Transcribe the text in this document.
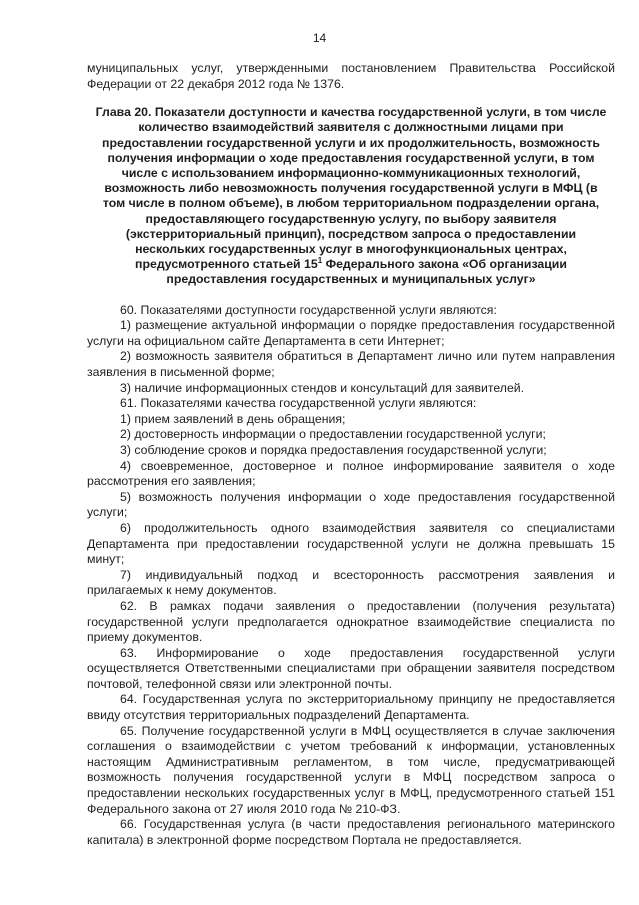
14

муниципальных услуг, утвержденными постановлением Правительства Российской Федерации от 22 декабря 2012 года № 1376.

Глава 20. Показатели доступности и качества государственной услуги, в том числе количество взаимодействий заявителя с должностными лицами при предоставлении государственной услуги и их продолжительность, возможность получения информации о ходе предоставления государственной услуги, в том числе с использованием информационно-коммуникационных технологий, возможность либо невозможность получения государственной услуги в МФЦ (в том числе в полном объеме), в любом территориальном подразделении органа, предоставляющего государственную услугу, по выбору заявителя (экстерриториальный принцип), посредством запроса о предоставлении нескольких государственных услуг в многофункциональных центрах, предусмотренного статьей $15^1$ Федерального закона «Об организации предоставления государственных и муниципальных услуг»

60. Показателями доступности государственной услуги являются:

1) размещение актуальной информации о порядке предоставления государственной услуги на официальном сайте Департамента в сети Интернет;

2) возможность заявителя обратиться в Департамент лично или путем направления заявления в письменной форме;

3) наличие информационных стендов и консультаций для заявителей.

61. Показателями качества государственной услуги являются:

1) прием заявлений в день обращения;

2) достоверность информации о предоставлении государственной услуги;

3) соблюдение сроков и порядка предоставления государственной услуги;

4) своевременное, достоверное и полное информирование заявителя о ходе рассмотрения его заявления;

5) возможность получения информации о ходе предоставления государственной услуги;

6) продолжительность одного взаимодействия заявителя со специалистами Департамента при предоставлении государственной услуги не должна превышать 15 минут;

7) индивидуальный подход и всесторонность рассмотрения заявления и прилагаемых к нему документов.

62. В рамках подачи заявления о предоставлении (получения результата) государственной услуги предполагается однократное взаимодействие специалиста по приему документов.

63. Информирование о ходе предоставления государственной услуги осуществляется Ответственными специалистами при обращении заявителя посредством почтовой, телефонной связи или электронной почты.

64. Государственная услуга по экстерриториальному принципу не предоставляется ввиду отсутствия территориальных подразделений Департамента.

65. Получение государственной услуги в МФЦ осуществляется в случае заключения соглашения о взаимодействии с учетом требований к информации, установленных настоящим Административным регламентом, в том числе, предусматривающей возможность получения государственной услуги в МФЦ посредством запроса о предоставлении нескольких государственных услуг в МФЦ, предусмотренного статьей 151 Федерального закона от 27 июля 2010 года № 210-ФЗ.

66. Государственная услуга (в части предоставления регионального материнского капитала) в электронной форме посредством Портала не предоставляется.
